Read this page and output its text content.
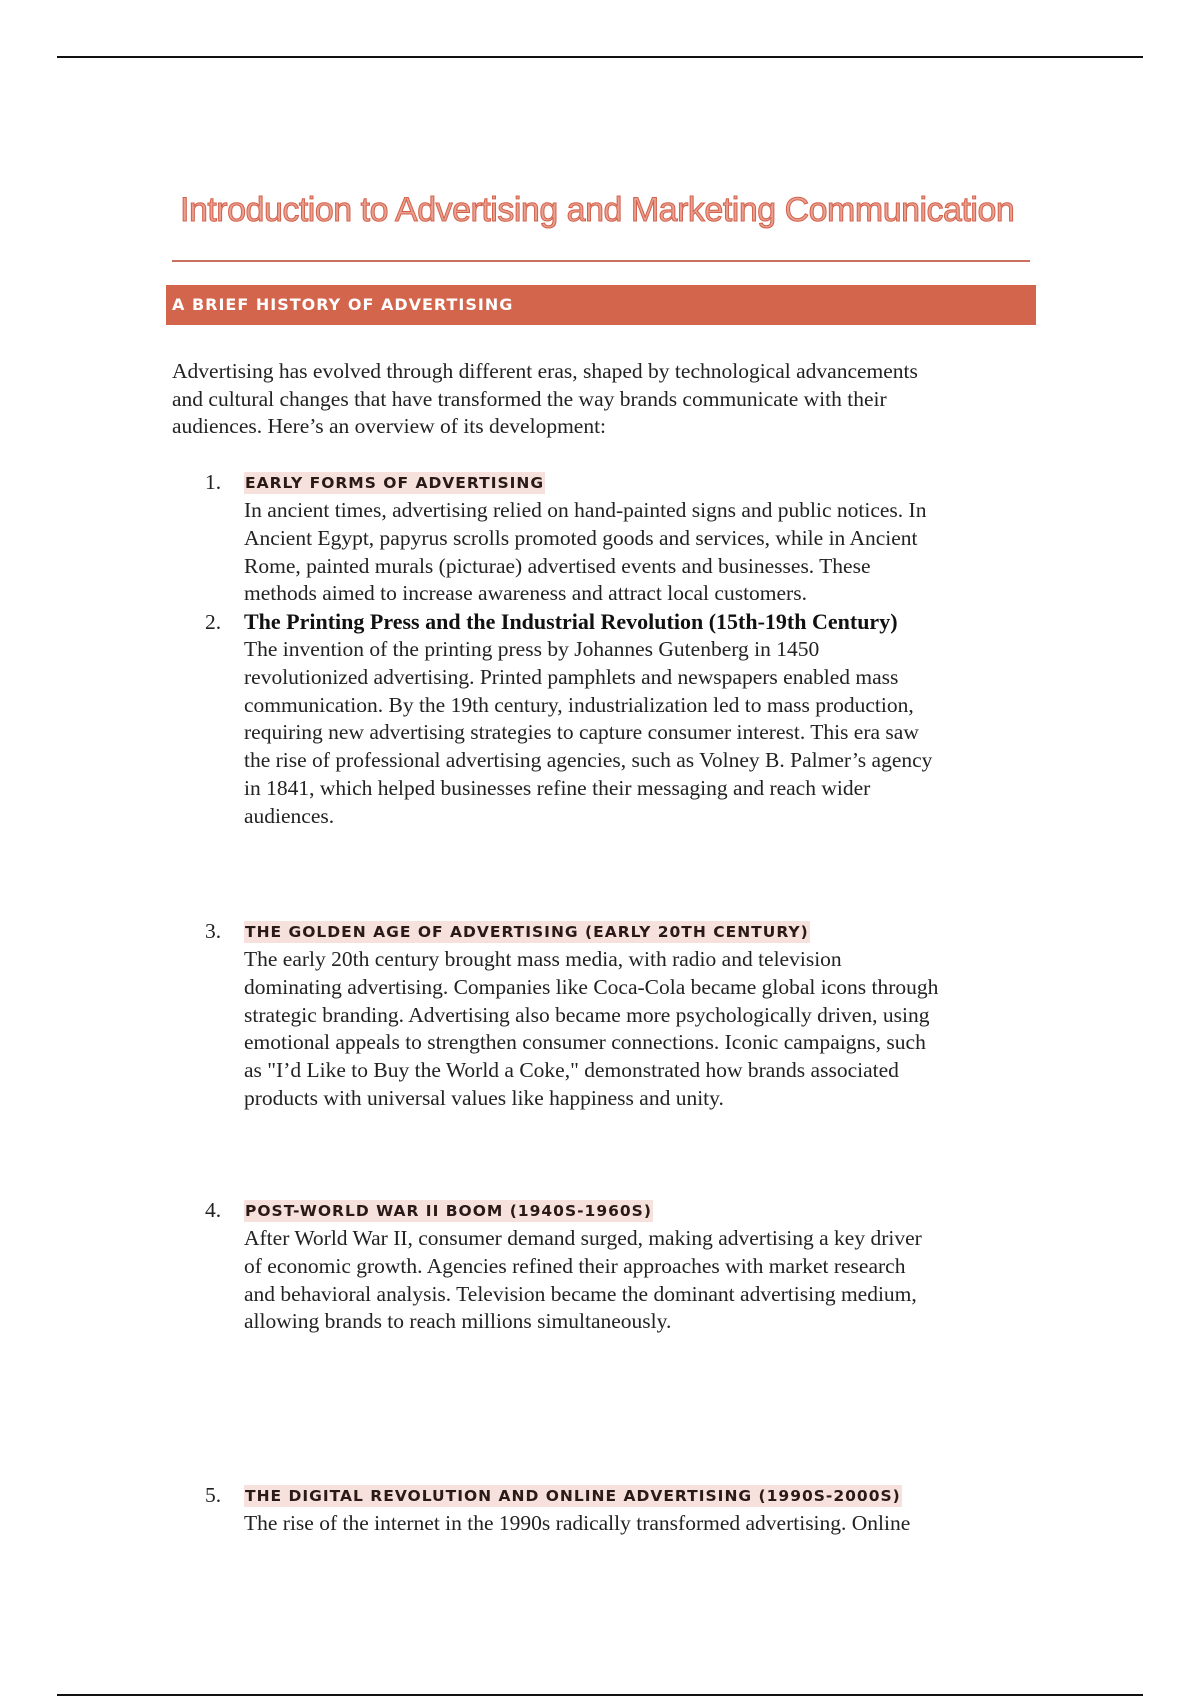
Introduction to Advertising and Marketing Communication
A BRIEF HISTORY OF ADVERTISING
Advertising has evolved through different eras, shaped by technological advancements
and cultural changes that have transformed the way brands communicate with their
audiences. Here’s an overview of its development:
1. EARLY FORMS OF ADVERTISING

In ancient times, advertising relied on hand-painted signs and public notices. In
Ancient Egypt, papyrus scrolls promoted goods and services, while in Ancient
Rome, painted murals (picturae) advertised events and businesses. These
methods aimed to increase awareness and attract local customers.
2. The Printing Press and the Industrial Revolution (15th-19th Century)
The invention of the printing press by Johannes Gutenberg in 1450
revolutionized advertising. Printed pamphlets and newspapers enabled mass
communication. By the 19th century, industrialization led to mass production,
requiring new advertising strategies to capture consumer interest. This era saw
the rise of professional advertising agencies, such as Volney B. Palmer’s agency
in 1841, which helped businesses refine their messaging and reach wider
audiences.
3. THE GOLDEN AGE OF ADVERTISING (EARLY 20TH CENTURY)

The early 20th century brought mass media, with radio and television
dominating advertising. Companies like Coca-Cola became global icons through
strategic branding. Advertising also became more psychologically driven, using
emotional appeals to strengthen consumer connections. Iconic campaigns, such
as "I’d Like to Buy the World a Coke," demonstrated how brands associated
products with universal values like happiness and unity.
4. POST-WORLD WAR II BOOM (1940S-1960S)

After World War II, consumer demand surged, making advertising a key driver
of economic growth. Agencies refined their approaches with market research
and behavioral analysis. Television became the dominant advertising medium,
allowing brands to reach millions simultaneously.
5. THE DIGITAL REVOLUTION AND ONLINE ADVERTISING (1990S-2000S)

The rise of the internet in the 1990s radically transformed advertising. Online
